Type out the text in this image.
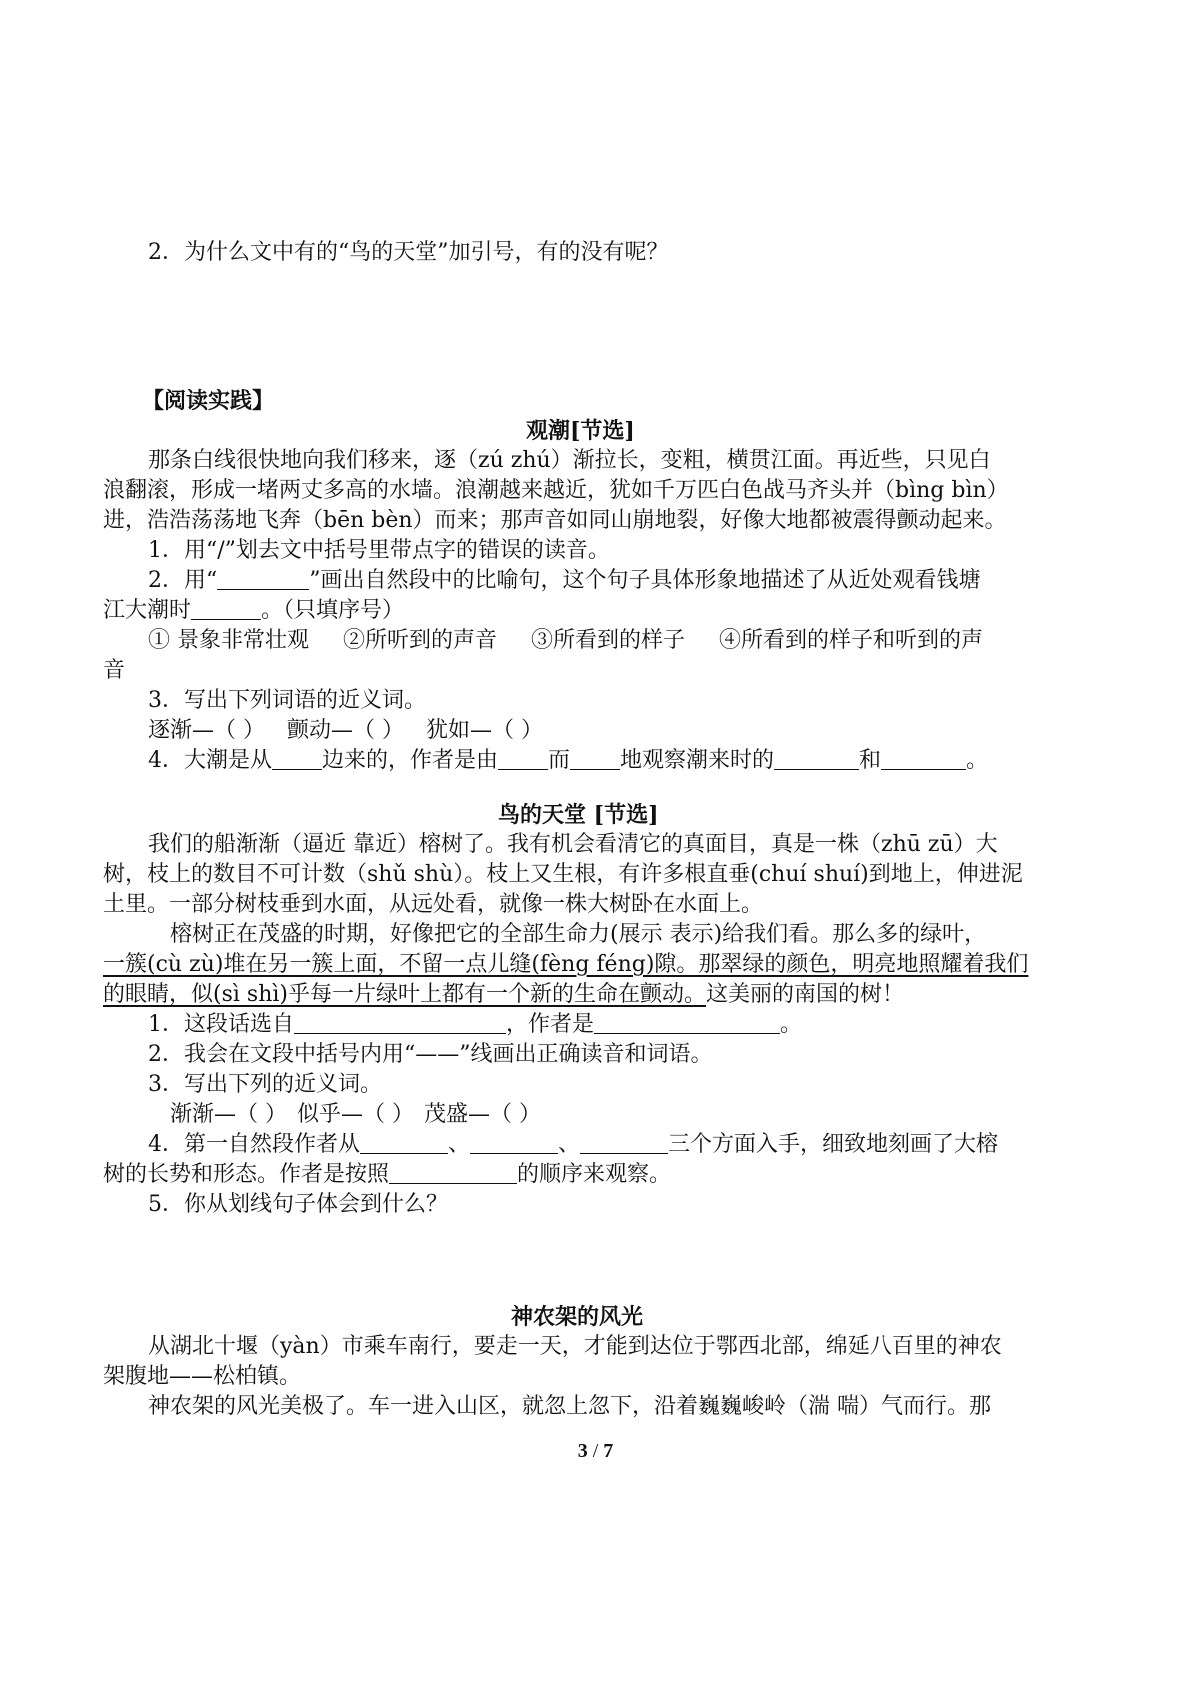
2．为什么文中有的“鸟的天堂”加引号，有的没有呢？

【阅读实践】

观潮[节选]

那条白线很快地向我们移来，逐（zú zhú）渐拉长，变粗，横贯江面。再近些，只见白

浪翻滚，形成一堵两丈多高的水墙。浪潮越来越近，犹如千万匹白色战马齐头并（bìng bìn）

进，浩浩荡荡地飞奔（bēn bèn）而来；那声音如同山崩地裂，好像大地都被震得颤动起来。

1．用“/”划去文中括号里带点字的错误的读音。

2．用“	”画出自然段中的比喻句，这个句子具体形象地描述了从近处观看钱塘

江大潮时	。（只填序号）

① 景象非常壮观 ②所听到的声音 ③所看到的样子 ④所看到的样子和听到的声

音

3．写出下列词语的近义词。

逐渐—（ ） 颤动—（ ） 犹如—（ ）

4．大潮是从 边来的，作者是由 而 地观察潮来时的	和	。

鸟的天堂 [节选]

我们的船渐渐（逼近 靠近）榕树了。我有机会看清它的真面目，真是一株（zhū zū）大

树，枝上的数目不可计数（shǔ shù）。枝上又生根，有许多根直垂(chuí shuí)到地上，伸进泥

土里。一部分树枝垂到水面，从远处看，就像一株大树卧在水面上。

榕树正在茂盛的时期，好像把它的全部生命力(展示 表示)给我们看。那么多的绿叶，

一簇(cù zù)堆在另一簇上面，不留一点儿缝(fèng féng)隙。那翠绿的颜色，明亮地照耀着我们

的眼睛，似(sì shì)乎每一片绿叶上都有一个新的生命在颤动。这美丽的南国的树！

1．这段话选自	，作者是	。

2．我会在文段中括号内用“——”线画出正确读音和词语。

3．写出下列的近义词。

渐渐—（ ） 似乎—（ ） 茂盛—（ ）

4．第一自然段作者从	、	、	三个方面入手，细致地刻画了大榕

树的长势和形态。作者是按照	的顺序来观察。

5．你从划线句子体会到什么？

神农架的风光

从湖北十堰（yàn）市乘车南行，要走一天，才能到达位于鄂西北部，绵延八百里的神农

架腹地——松柏镇。

神农架的风光美极了。车一进入山区，就忽上忽下，沿着巍巍峻岭（湍 喘）气而行。那

3 / 7
